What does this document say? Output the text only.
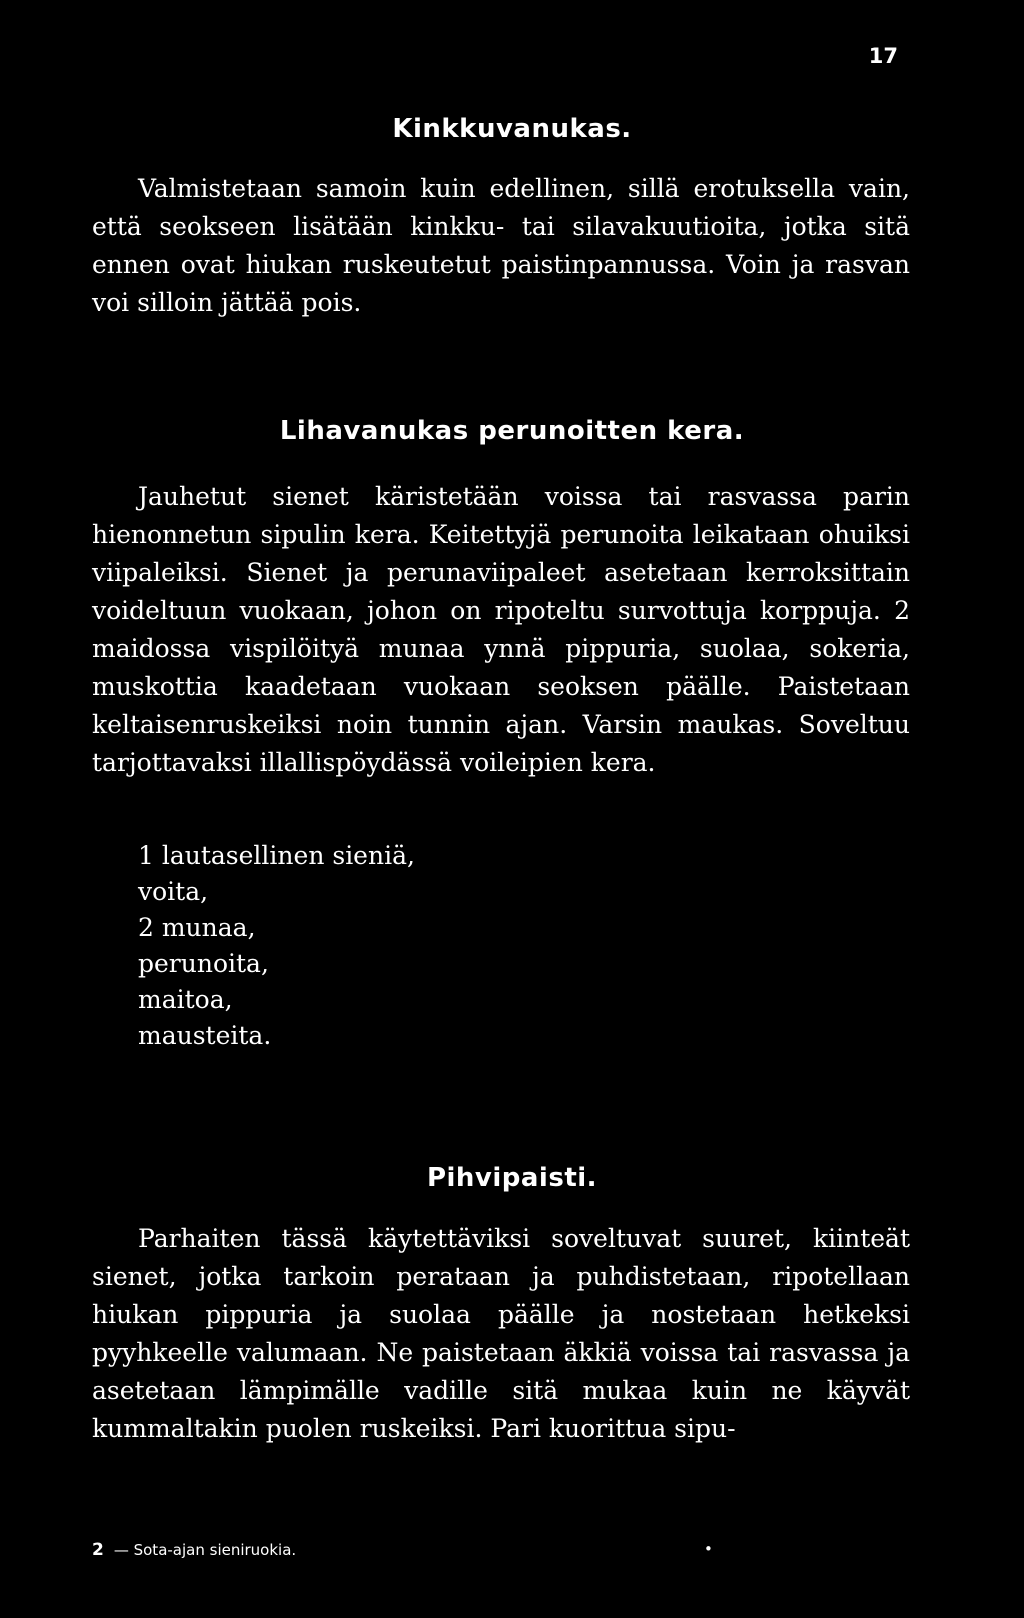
17
Kinkkuvanukas.

Valmistetaan samoin kuin edellinen, sillä erotuksella vain, että seokseen lisätään kinkku- tai silavakuutioita, jotka sitä ennen ovat hiukan ruskeutetut paistinpannussa. Voin ja rasvan voi silloin jättää pois.

Lihavanukas perunoitten kera.

Jauhetut sienet käristetään voissa tai rasvassa parin hienonnetun sipulin kera. Keitettyjä perunoita leikataan ohuiksi viipaleiksi. Sienet ja perunaviipaleet asetetaan kerroksittain voideltuun vuokaan, johon on ripoteltu survottuja korppuja. 2 maidossa vispilöityä munaa ynnä pippuria, suolaa, sokeria, muskottia kaadetaan vuokaan seoksen päälle. Paistetaan keltaisenruskeiksi noin tunnin ajan. Varsin maukas. Soveltuu tarjottavaksi illallispöydässä voileipien kera.

1 lautasellinen sieniä,
voita,
2 munaa,
perunoita,
maitoa,
mausteita.
Pihvipaisti.

Parhaiten tässä käytettäviksi soveltuvat suuret, kiinteät sienet, jotka tarkoin perataan ja puhdistetaan, ripotellaan hiukan pippuria ja suolaa päälle ja nostetaan hetkeksi pyyhkeelle valumaan. Ne paistetaan äkkiä voissa tai rasvassa ja asetetaan lämpimälle vadille sitä mukaa kuin ne käyvät kummaltakin puolen ruskeiksi. Pari kuorittua sipu-

2 — Sota-ajan sieniruokia.	•
